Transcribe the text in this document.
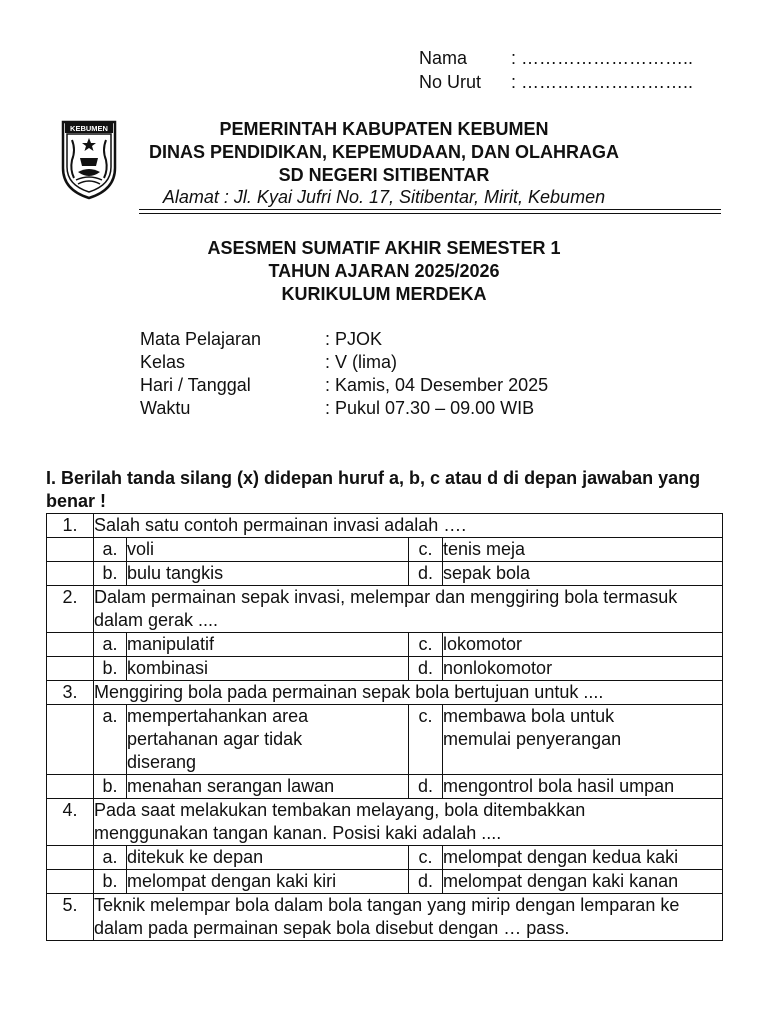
Nama : ………………………..
No Urut : ………………………..
KEBUMEN	PEMERINTAH KABUPATEN KEBUMEN
DINAS PENDIDIKAN, KEPEMUDAAN, DAN OLAHRAGA
SD NEGERI SITIBENTAR
Alamat : Jl. Kyai Jufri No. 17, Sitibentar, Mirit, Kebumen
ASESMEN SUMATIF AKHIR SEMESTER 1
TAHUN AJARAN 2025/2026
KURIKULUM MERDEKA
Mata Pelajaran	: PJOK
Kelas	: V (lima)
Hari / Tanggal	: Kamis, 04 Desember 2025
Waktu	: Pukul 07.30 – 09.00 WIB
I. Berilah tanda silang (x) didepan huruf a, b, c atau d di depan jawaban yang benar !
1.	Salah satu contoh permainan invasi adalah ….			
	a.	voli	c.	tenis meja
	b.	bulu tangkis	d.	sepak bola
2.	Dalam permainan sepak invasi, melempar dan menggiring bola termasuk dalam gerak ....			
	a.	manipulatif	c.	lokomotor
	b.	kombinasi	d.	nonlokomotor
3.	Menggiring bola pada permainan sepak bola bertujuan untuk ....			
	a.	mempertahankan area pertahanan agar tidak diserang	c.	membawa bola untuk memulai penyerangan
	b.	menahan serangan lawan	d.	mengontrol bola hasil umpan
4.	Pada saat melakukan tembakan melayang, bola ditembakkan menggunakan tangan kanan. Posisi kaki adalah ....			
	a.	ditekuk ke depan	c.	melompat dengan kedua kaki
	b.	melompat dengan kaki kiri	d.	melompat dengan kaki kanan
5.	Teknik melempar bola dalam bola tangan yang mirip dengan lemparan ke dalam pada permainan sepak bola disebut dengan … pass.			
